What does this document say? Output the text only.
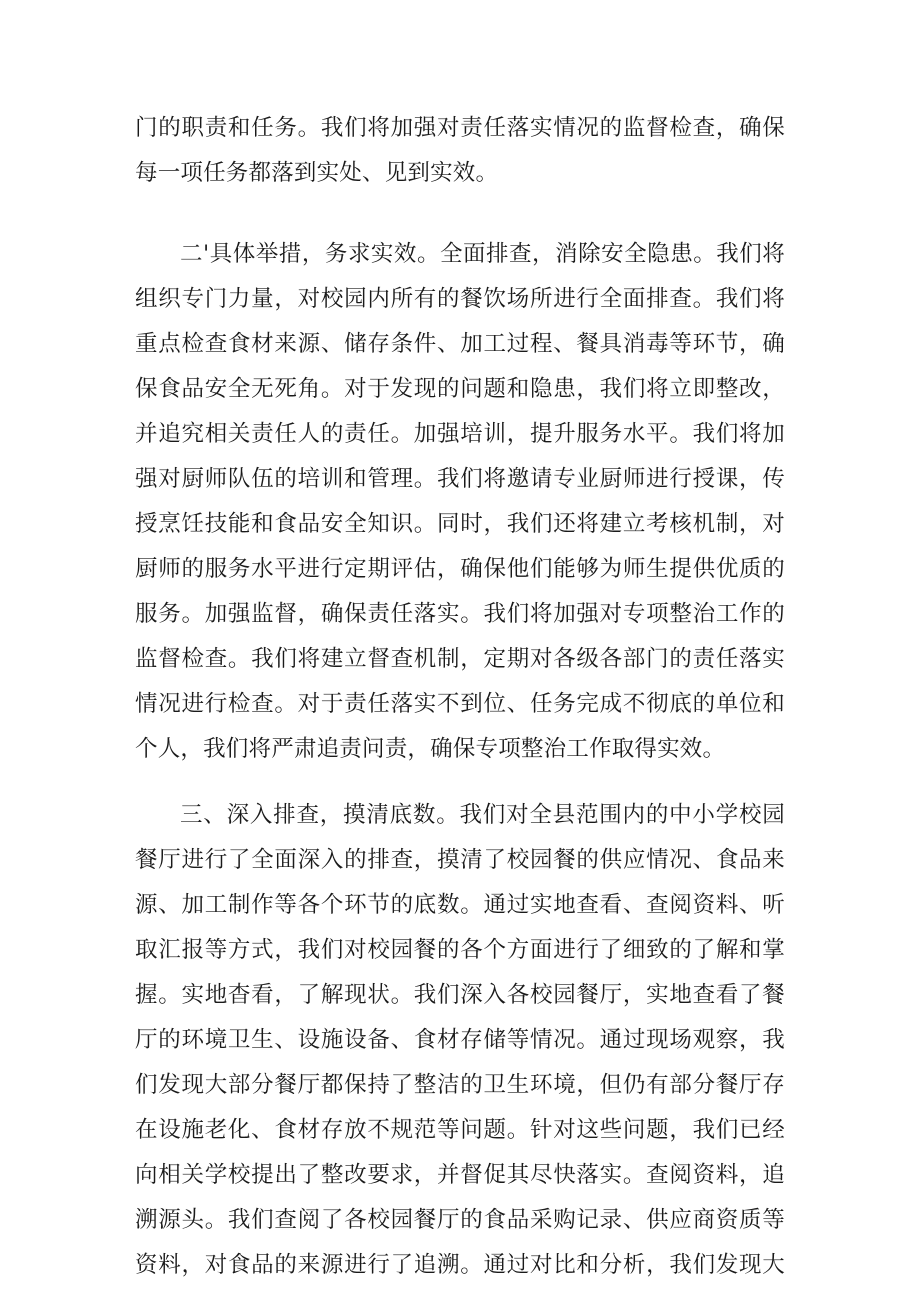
门的职责和任务。我们将加强对责任落实情况的监督检查，确保
每一项任务都落到实处、见到实效。
二'具体举措，务求实效。全面排查，消除安全隐患。我们将
组织专门力量，对校园内所有的餐饮场所进行全面排查。我们将
重点检查食材来源、储存条件、加工过程、餐具消毒等环节，确
保食品安全无死角。对于发现的问题和隐患，我们将立即整改，
并追究相关责任人的责任。加强培训，提升服务水平。我们将加
强对厨师队伍的培训和管理。我们将邀请专业厨师进行授课，传
授烹饪技能和食品安全知识。同时，我们还将建立考核机制，对
厨师的服务水平进行定期评估，确保他们能够为师生提供优质的
服务。加强监督，确保责任落实。我们将加强对专项整治工作的
监督检查。我们将建立督查机制，定期对各级各部门的责任落实
情况进行检查。对于责任落实不到位、任务完成不彻底的单位和
个人，我们将严肃追责问责，确保专项整治工作取得实效。
三、深入排查，摸清底数。我们对全县范围内的中小学校园
餐厅进行了全面深入的排查，摸清了校园餐的供应情况、食品来
源、加工制作等各个环节的底数。通过实地查看、查阅资料、听
取汇报等方式，我们对校园餐的各个方面进行了细致的了解和掌
握。实地杳看，了解现状。我们深入各校园餐厅，实地查看了餐
厅的环境卫生、设施设备、食材存储等情况。通过现场观察，我
们发现大部分餐厅都保持了整洁的卫生环境，但仍有部分餐厅存
在设施老化、食材存放不规范等问题。针对这些问题，我们已经
向相关学校提出了整改要求，并督促其尽快落实。查阅资料，追
溯源头。我们查阅了各校园餐厅的食品采购记录、供应商资质等
资料，对食品的来源进行了追溯。通过对比和分析，我们发现大
